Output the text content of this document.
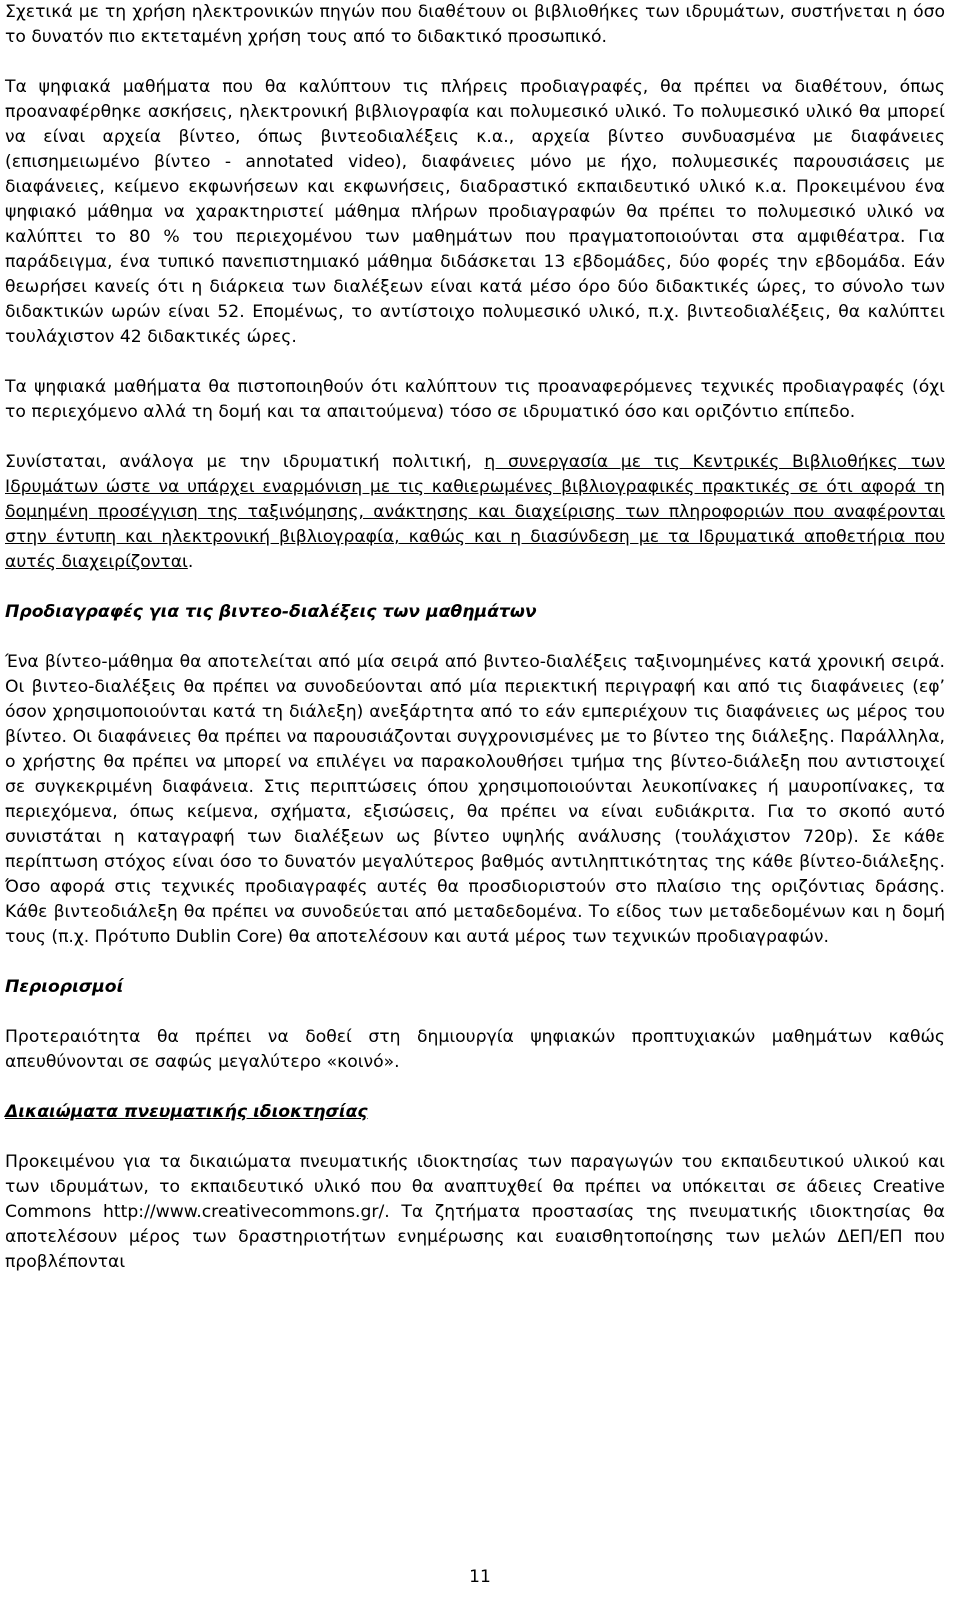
Σχετικά με τη χρήση ηλεκτρονικών πηγών που διαθέτουν οι βιβλιοθήκες των ιδρυμάτων, συστήνεται η όσο το δυνατόν πιο εκτεταμένη χρήση τους από το διδακτικό προσωπικό.

Τα ψηφιακά μαθήματα που θα καλύπτουν τις πλήρεις προδιαγραφές, θα πρέπει να διαθέτουν, όπως προαναφέρθηκε ασκήσεις, ηλεκτρονική βιβλιογραφία και πολυμεσικό υλικό. Το πολυμεσικό υλικό θα μπορεί να είναι αρχεία βίντεο, όπως βιντεοδιαλέξεις κ.α., αρχεία βίντεο συνδυασμένα με διαφάνειες (επισημειωμένο βίντεο - annotated video), διαφάνειες μόνο με ήχο, πολυμεσικές παρουσιάσεις με διαφάνειες, κείμενο εκφωνήσεων και εκφωνήσεις, διαδραστικό εκπαιδευτικό υλικό κ.α. Προκειμένου ένα ψηφιακό μάθημα να χαρακτηριστεί μάθημα πλήρων προδιαγραφών θα πρέπει το πολυμεσικό υλικό να καλύπτει το 80 % του περιεχομένου των μαθημάτων που πραγματοποιούνται στα αμφιθέατρα. Για παράδειγμα, ένα τυπικό πανεπιστημιακό μάθημα διδάσκεται 13 εβδομάδες, δύο φορές την εβδομάδα. Εάν θεωρήσει κανείς ότι η διάρκεια των διαλέξεων είναι κατά μέσο όρο δύο διδακτικές ώρες, το σύνολο των διδακτικών ωρών είναι 52. Επομένως, το αντίστοιχο πολυμεσικό υλικό, π.χ. βιντεοδιαλέξεις, θα καλύπτει τουλάχιστον 42 διδακτικές ώρες.

Τα ψηφιακά μαθήματα θα πιστοποιηθούν ότι καλύπτουν τις προαναφερόμενες τεχνικές προδιαγραφές (όχι το περιεχόμενο αλλά τη δομή και τα απαιτούμενα) τόσο σε ιδρυματικό όσο και οριζόντιο επίπεδο.

Συνίσταται, ανάλογα με την ιδρυματική πολιτική, η συνεργασία με τις Κεντρικές Βιβλιοθήκες των Ιδρυμάτων ώστε να υπάρχει εναρμόνιση με τις καθιερωμένες βιβλιογραφικές πρακτικές σε ότι αφορά τη δομημένη προσέγγιση της ταξινόμησης, ανάκτησης και διαχείρισης των πληροφοριών που αναφέρονται στην έντυπη και ηλεκτρονική βιβλιογραφία, καθώς και η διασύνδεση με τα Ιδρυματικά αποθετήρια που αυτές διαχειρίζονται.

Προδιαγραφές για τις βιντεο-διαλέξεις των μαθημάτων

Ένα βίντεο-μάθημα θα αποτελείται από μία σειρά από βιντεο-διαλέξεις ταξινομημένες κατά χρονική σειρά. Οι βιντεο-διαλέξεις θα πρέπει να συνοδεύονται από μία περιεκτική περιγραφή και από τις διαφάνειες (εφ’ όσον χρησιμοποιούνται κατά τη διάλεξη) ανεξάρτητα από το εάν εμπεριέχουν τις διαφάνειες ως μέρος του βίντεο. Οι διαφάνειες θα πρέπει να παρουσιάζονται συγχρονισμένες με το βίντεο της διάλεξης. Παράλληλα, ο χρήστης θα πρέπει να μπορεί να επιλέγει να παρακολουθήσει τμήμα της βίντεο-διάλεξη που αντιστοιχεί σε συγκεκριμένη διαφάνεια. Στις περιπτώσεις όπου χρησιμοποιούνται λευκοπίνακες ή μαυροπίνακες, τα περιεχόμενα, όπως κείμενα, σχήματα, εξισώσεις, θα πρέπει να είναι ευδιάκριτα. Για το σκοπό αυτό συνιστάται η καταγραφή των διαλέξεων ως βίντεο υψηλής ανάλυσης (τουλάχιστον 720p). Σε κάθε περίπτωση στόχος είναι όσο το δυνατόν μεγαλύτερος βαθμός αντιληπτικότητας της κάθε βίντεο-διάλεξης. Όσο αφορά στις τεχνικές προδιαγραφές αυτές θα προσδιοριστούν στο πλαίσιο της οριζόντιας δράσης. Κάθε βιντεοδιάλεξη θα πρέπει να συνοδεύεται από μεταδεδομένα. Το είδος των μεταδεδομένων και η δομή τους (π.χ. Πρότυπο Dublin Core) θα αποτελέσουν και αυτά μέρος των τεχνικών προδιαγραφών.

Περιορισμοί

Προτεραιότητα θα πρέπει να δοθεί στη δημιουργία ψηφιακών προπτυχιακών μαθημάτων καθώς απευθύνονται σε σαφώς μεγαλύτερο «κοινό».

Δικαιώματα πνευματικής ιδιοκτησίας

Προκειμένου για τα δικαιώματα πνευματικής ιδιοκτησίας των παραγωγών του εκπαιδευτικού υλικού και των ιδρυμάτων, το εκπαιδευτικό υλικό που θα αναπτυχθεί θα πρέπει να υπόκειται σε άδειες Creative Commons http://www.creativecommons.gr/. Τα ζητήματα προστασίας της πνευματικής ιδιοκτησίας θα αποτελέσουν μέρος των δραστηριοτήτων ενημέρωσης και ευαισθητοποίησης των μελών ΔΕΠ/ΕΠ που προβλέπονται

11
